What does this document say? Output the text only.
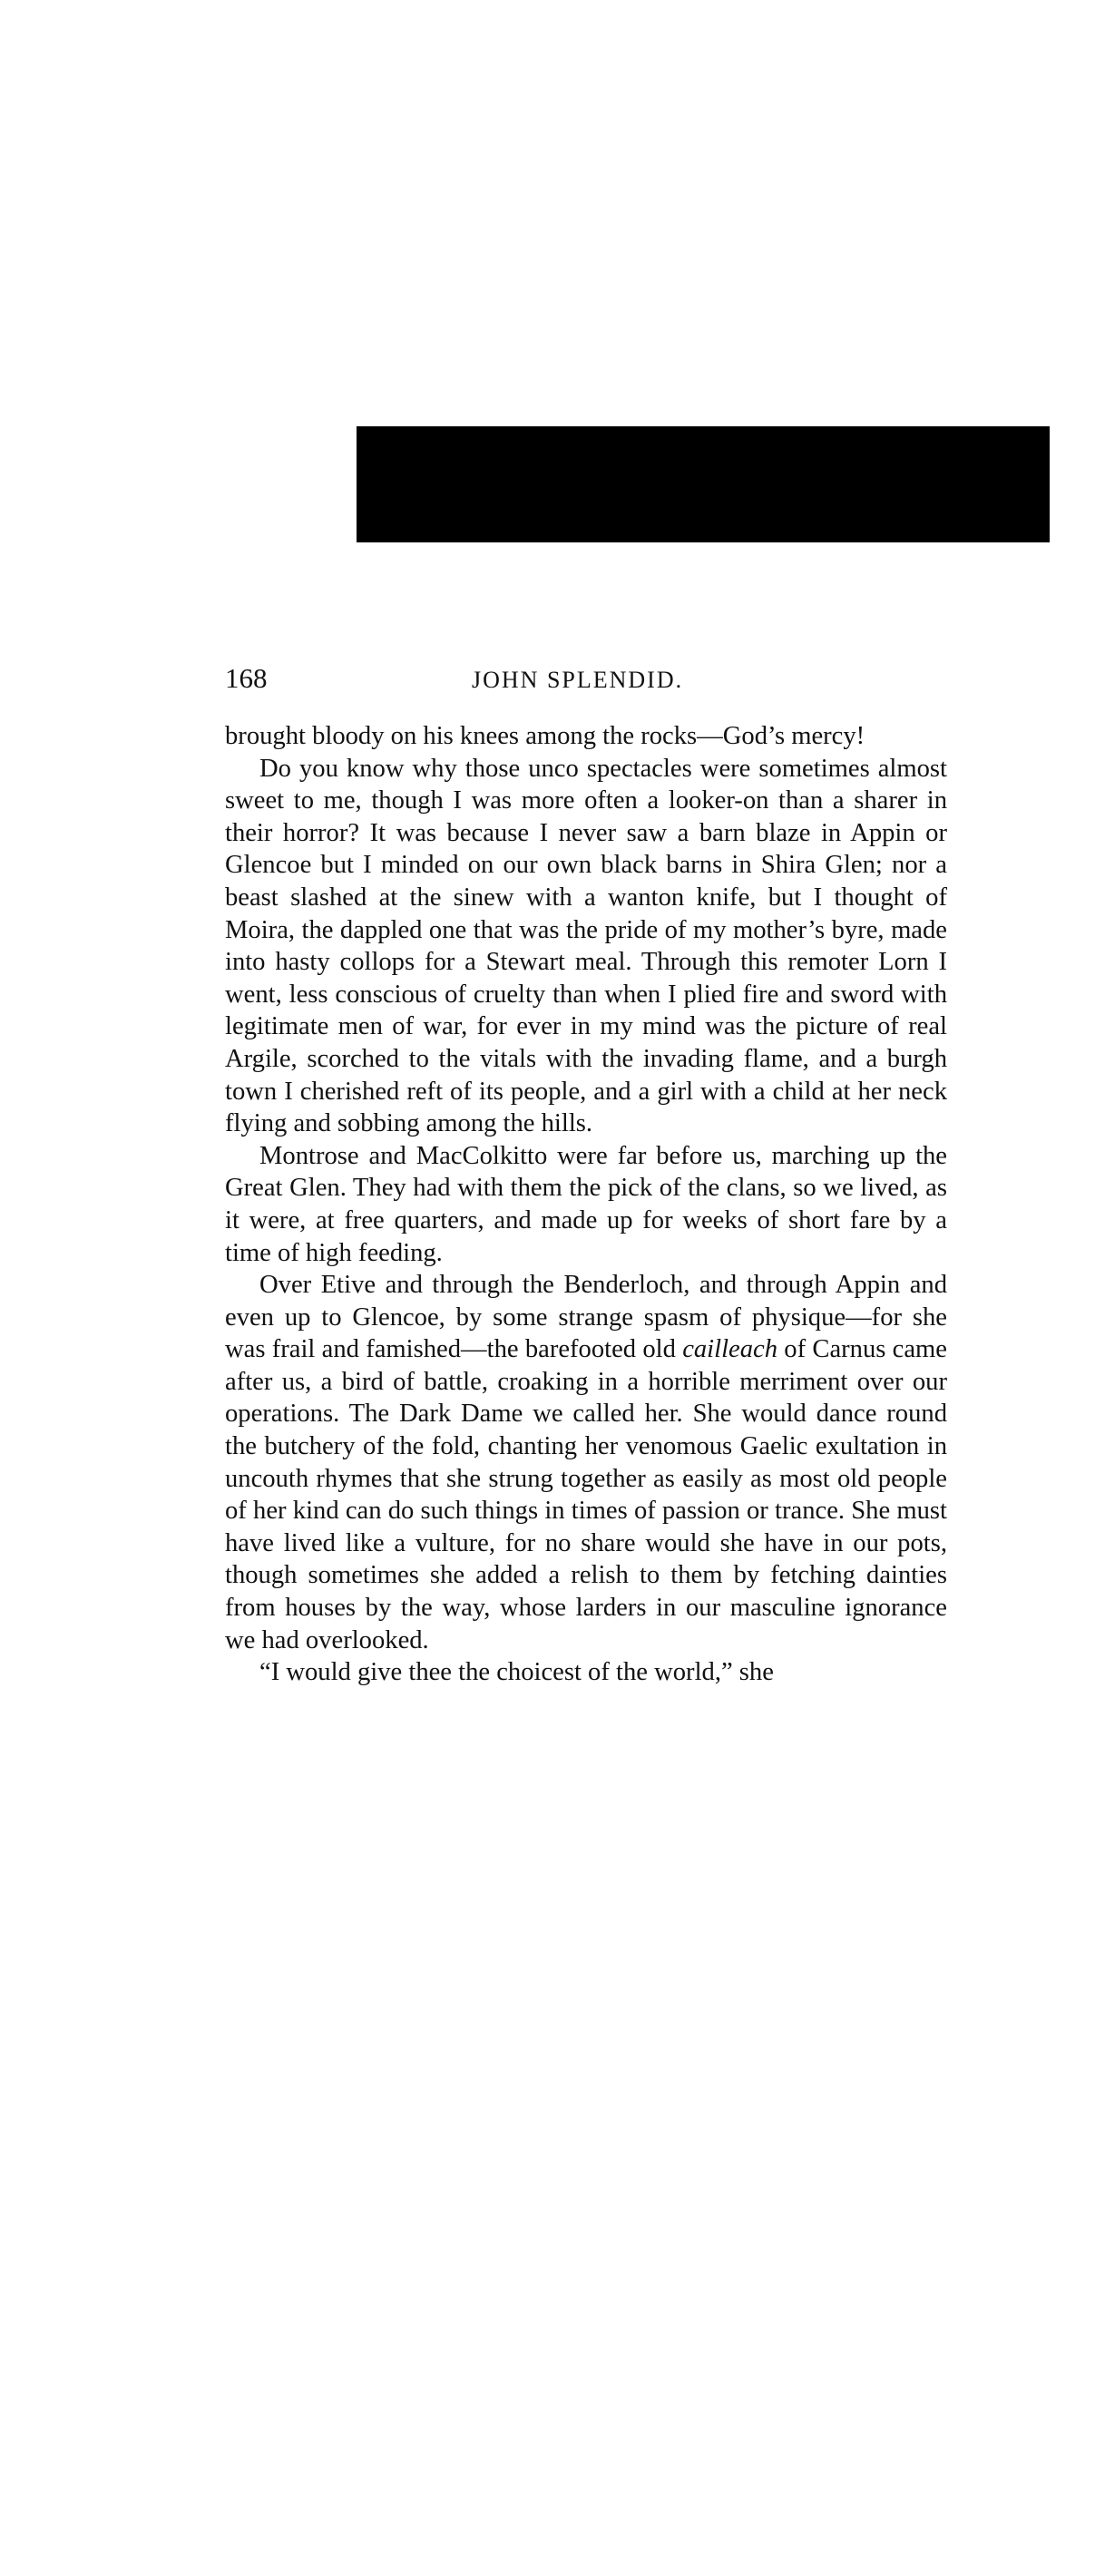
168	JOHN SPLENDID.

brought bloody on his knees among the rocks—God’s mercy!

Do you know why those unco spectacles were sometimes almost sweet to me, though I was more often a looker-on than a sharer in their horror? It was because I never saw a barn blaze in Appin or Glencoe but I minded on our own black barns in Shira Glen; nor a beast slashed at the sinew with a wanton knife, but I thought of Moira, the dappled one that was the pride of my mother’s byre, made into hasty collops for a Stewart meal. Through this remoter Lorn I went, less conscious of cruelty than when I plied fire and sword with legitimate men of war, for ever in my mind was the picture of real Argile, scorched to the vitals with the invading flame, and a burgh town I cherished reft of its people, and a girl with a child at her neck flying and sobbing among the hills.

Montrose and MacColkitto were far before us, marching up the Great Glen. They had with them the pick of the clans, so we lived, as it were, at free quarters, and made up for weeks of short fare by a time of high feeding.

Over Etive and through the Benderloch, and through Appin and even up to Glencoe, by some strange spasm of physique—for she was frail and famished—the barefooted old cailleach of Carnus came after us, a bird of battle, croaking in a horrible merriment over our operations. The Dark Dame we called her. She would dance round the butchery of the fold, chanting her venomous Gaelic exultation in uncouth rhymes that she strung together as easily as most old people of her kind can do such things in times of passion or trance. She must have lived like a vulture, for no share would she have in our pots, though sometimes she added a relish to them by fetching dainties from houses by the way, whose larders in our masculine ignorance we had overlooked.

“I would give thee the choicest of the world,” she
